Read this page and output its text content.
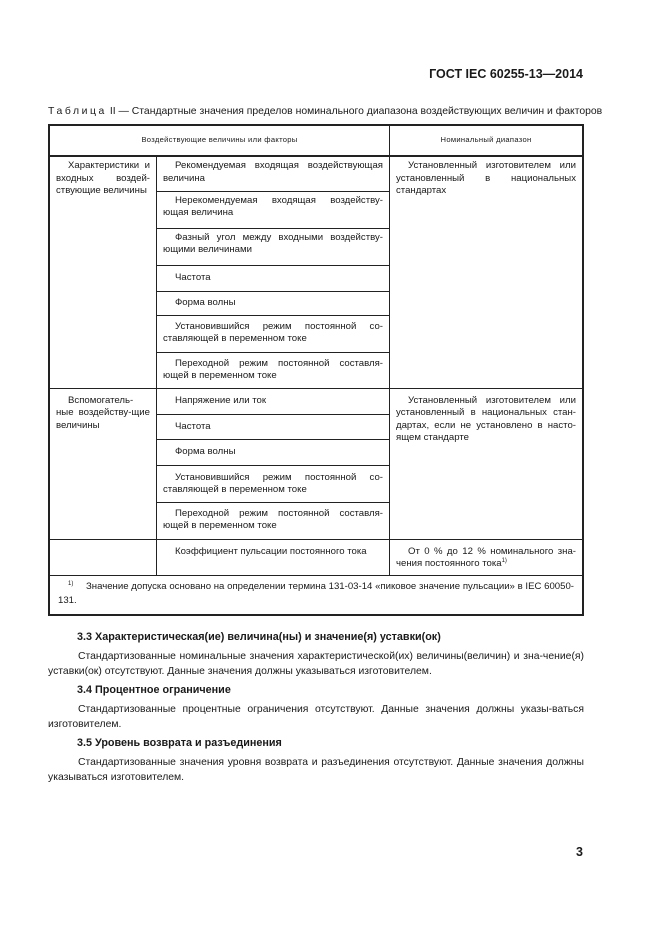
ГОСТ IEC 60255-13—2014
Таблица II — Стандартные значения пределов номинального диапазона воздействующих величин и факторов
Воздействующие величины или факторы		Номинальный диапазон

Характеристики и входных воздей-ствующие величины	Рекомендуемая входящая воздействующая величина	Установленный изготовителем или установленный в национальных стандартах

	Нерекомендуемая входящая воздейству-ющая величина	

	Фазный угол между входными воздейству-ющими величинами	

	Частота	

	Форма волны	

	Установившийся режим постоянной со-ставляющей в переменном токе	

	Переходной режим постоянной составля-ющей в переменном токе	

Вспомогатель-ные воздейству-щие величины	Напряжение или ток	Установленный изготовителем или установленный в национальных стан-дартах, если не установлено в насто-ящем стандарте

	Частота	

	Форма волны	

	Установившийся режим постоянной со-ставляющей в переменном токе	

	Переходной режим постоянной составля-ющей в переменном токе	

	Коэффициент пульсации постоянного тока	От 0 % до 12 % номинального зна-чения постоянного тока$^{1)}$

$^{1)}$ Значение допуска основано на определении термина 131-03-14 «пиковое значение пульсации» в IEC 60050-131.		
3.3 Характеристическая(ие) величина(ны) и значение(я) уставки(ок)
Стандартизованные номинальные значения характеристической(их) величины(величин) и зна-чение(я) уставки(ок) отсутствуют. Данные значения должны указываться изготовителем.
3.4 Процентное ограничение
Стандартизованные процентные ограничения отсутствуют. Данные значения должны указы-ваться изготовителем.
3.5 Уровень возврата и разъединения
Стандартизованные значения уровня возврата и разъединения отсутствуют. Данные значения должны указываться изготовителем.
3
